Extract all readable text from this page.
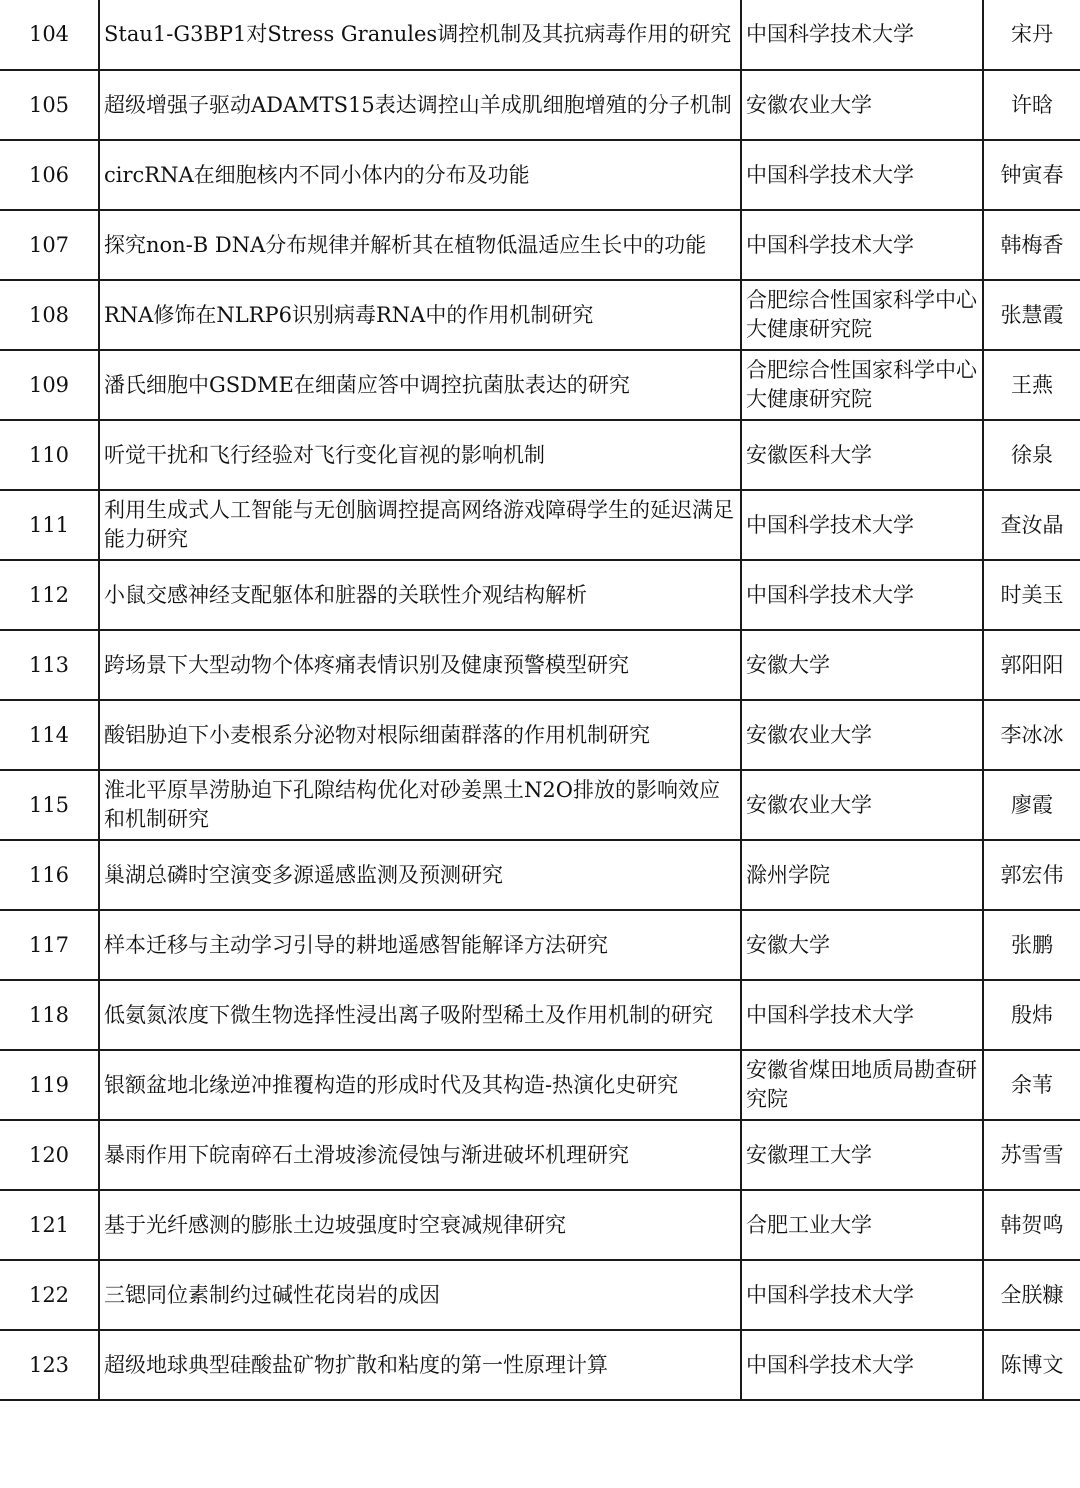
104	Stau1-G3BP1对Stress Granules调控机制及其抗病毒作用的研究	中国科学技术大学	宋丹
105	超级增强子驱动ADAMTS15表达调控山羊成肌细胞增殖的分子机制	安徽农业大学	许晗
106	circRNA在细胞核内不同小体内的分布及功能	中国科学技术大学	钟寅春
107	探究non-B DNA分布规律并解析其在植物低温适应生长中的功能	中国科学技术大学	韩梅香
108	RNA修饰在NLRP6识别病毒RNA中的作用机制研究	合肥综合性国家科学中心大健康研究院	张慧霞
109	潘氏细胞中GSDME在细菌应答中调控抗菌肽表达的研究	合肥综合性国家科学中心大健康研究院	王燕
110	听觉干扰和飞行经验对飞行变化盲视的影响机制	安徽医科大学	徐泉
111	利用生成式人工智能与无创脑调控提高网络游戏障碍学生的延迟满足能力研究	中国科学技术大学	查汝晶
112	小鼠交感神经支配躯体和脏器的关联性介观结构解析	中国科学技术大学	时美玉
113	跨场景下大型动物个体疼痛表情识别及健康预警模型研究	安徽大学	郭阳阳
114	酸铝胁迫下小麦根系分泌物对根际细菌群落的作用机制研究	安徽农业大学	李冰冰
115	淮北平原旱涝胁迫下孔隙结构优化对砂姜黑土N2O排放的影响效应和机制研究	安徽农业大学	廖霞
116	巢湖总磷时空演变多源遥感监测及预测研究	滁州学院	郭宏伟
117	样本迁移与主动学习引导的耕地遥感智能解译方法研究	安徽大学	张鹏
118	低氨氮浓度下微生物选择性浸出离子吸附型稀土及作用机制的研究	中国科学技术大学	殷炜
119	银额盆地北缘逆冲推覆构造的形成时代及其构造-热演化史研究	安徽省煤田地质局勘查研究院	余苇
120	暴雨作用下皖南碎石土滑坡渗流侵蚀与渐进破坏机理研究	安徽理工大学	苏雪雪
121	基于光纤感测的膨胀土边坡强度时空衰减规律研究	合肥工业大学	韩贺鸣
122	三锶同位素制约过碱性花岗岩的成因	中国科学技术大学	全朕糠
123	超级地球典型硅酸盐矿物扩散和粘度的第一性原理计算	中国科学技术大学	陈博文
